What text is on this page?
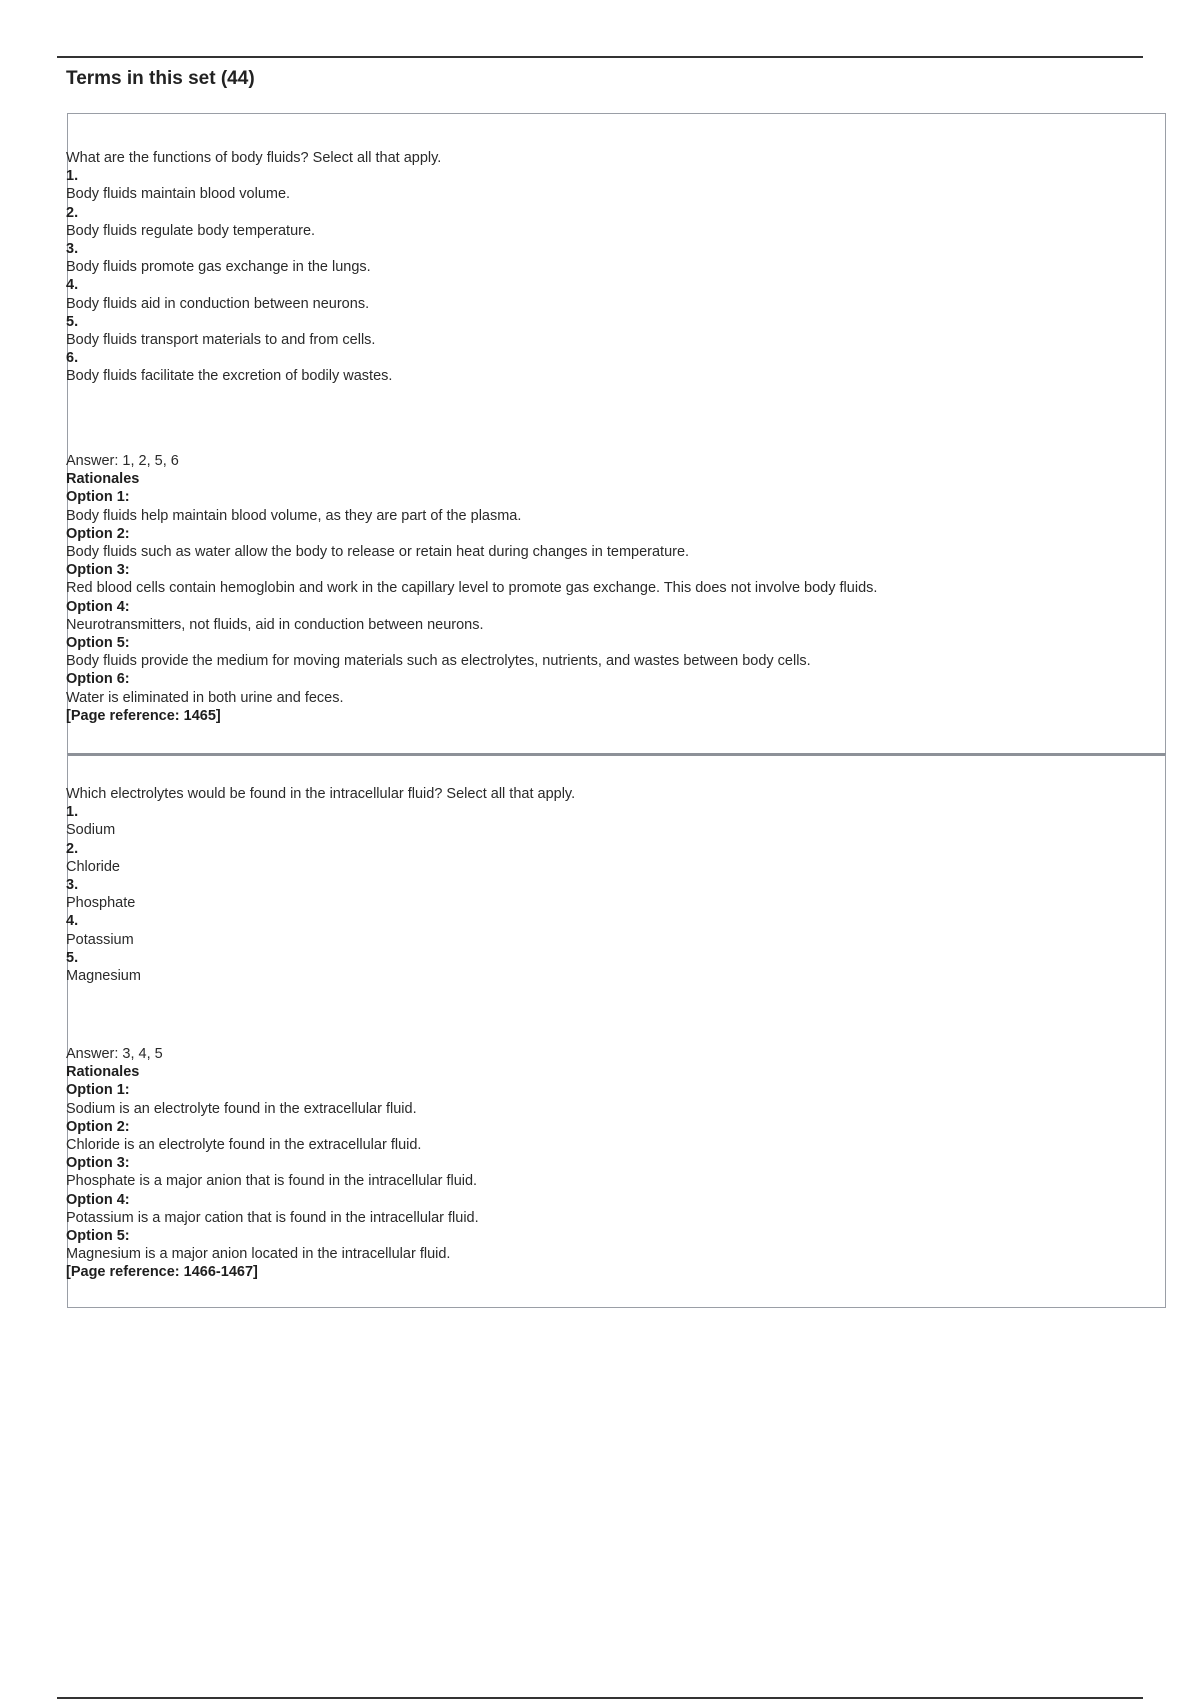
Terms in this set (44)
What are the functions of body fluids? Select all that apply.
1.
Body fluids maintain blood volume.
2.
Body fluids regulate body temperature.
3.
Body fluids promote gas exchange in the lungs.
4.
Body fluids aid in conduction between neurons.
5.
Body fluids transport materials to and from cells.
6.
Body fluids facilitate the excretion of bodily wastes.
Answer: 1, 2, 5, 6
Rationales
Option 1:
Body fluids help maintain blood volume, as they are part of the plasma.
Option 2:
Body fluids such as water allow the body to release or retain heat during changes in temperature.
Option 3:
Red blood cells contain hemoglobin and work in the capillary level to promote gas exchange. This does not involve body fluids.
Option 4:
Neurotransmitters, not fluids, aid in conduction between neurons.
Option 5:
Body fluids provide the medium for moving materials such as electrolytes, nutrients, and wastes between body cells.
Option 6:
Water is eliminated in both urine and feces.
[Page reference: 1465]
Which electrolytes would be found in the intracellular fluid? Select all that apply.
1.
Sodium
2.
Chloride
3.
Phosphate
4.
Potassium
5.
Magnesium
Answer: 3, 4, 5
Rationales
Option 1:
Sodium is an electrolyte found in the extracellular fluid.
Option 2:
Chloride is an electrolyte found in the extracellular fluid.
Option 3:
Phosphate is a major anion that is found in the intracellular fluid.
Option 4:
Potassium is a major cation that is found in the intracellular fluid.
Option 5:
Magnesium is a major anion located in the intracellular fluid.
[Page reference: 1466-1467]
